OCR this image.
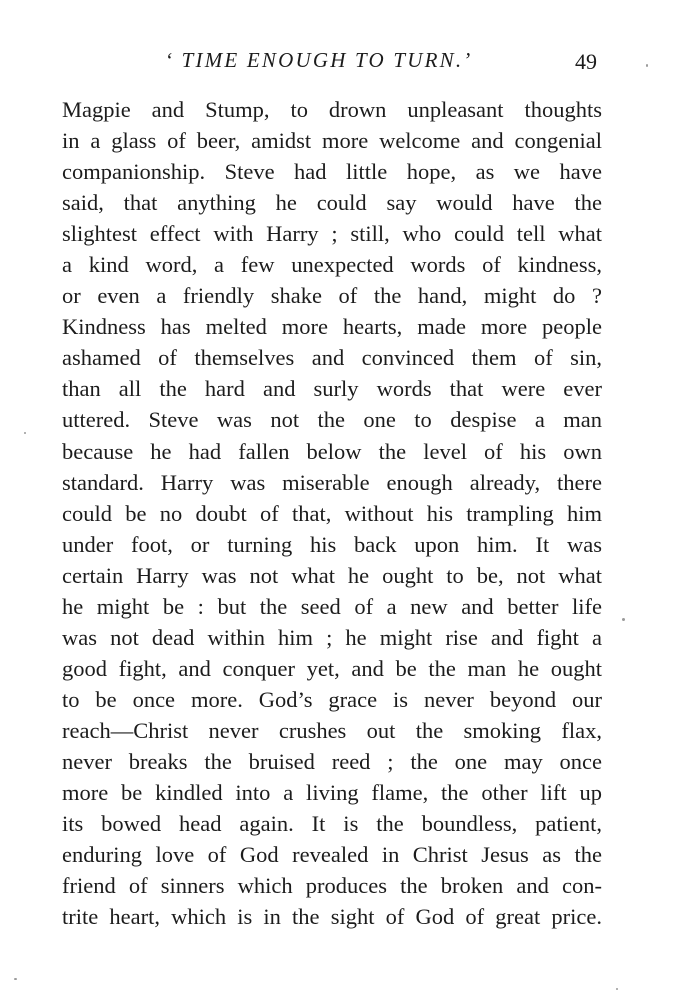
‘ TIME ENOUGH TO TURN.’	49
Magpie and Stump, to drown unpleasant thoughts
in a glass of beer, amidst more welcome and congenial
companionship. Steve had little hope, as we have
said, that anything he could say would have the
slightest effect with Harry ; still, who could tell what
a kind word, a few unexpected words of kindness,
or even a friendly shake of the hand, might do ?
Kindness has melted more hearts, made more people
ashamed of themselves and convinced them of sin,
than all the hard and surly words that were ever
uttered. Steve was not the one to despise a man
because he had fallen below the level of his own
standard. Harry was miserable enough already, there
could be no doubt of that, without his trampling him
under foot, or turning his back upon him. It was
certain Harry was not what he ought to be, not what
he might be : but the seed of a new and better life
was not dead within him ; he might rise and fight a
good fight, and conquer yet, and be the man he ought
to be once more. God’s grace is never beyond our
reach—Christ never crushes out the smoking flax,
never breaks the bruised reed ; the one may once
more be kindled into a living flame, the other lift up
its bowed head again. It is the boundless, patient,
enduring love of God revealed in Christ Jesus as the
friend of sinners which produces the broken and con-
trite heart, which is in the sight of God of great price.
